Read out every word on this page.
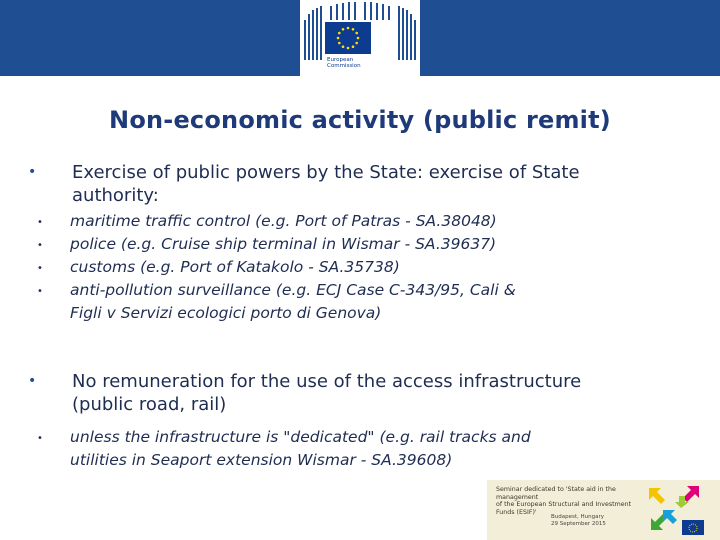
European
Commission
Non-economic activity (public remit)
• Exercise of public powers by the State: exercise of State
authority:
• maritime traffic control (e.g. Port of Patras - SA.38048)
• police (e.g. Cruise ship terminal in Wismar - SA.39637)
• customs (e.g. Port of Katakolo - SA.35738)
• anti-pollution surveillance (e.g. ECJ Case C-343/95, Cali &
Figli v Servizi ecologici porto di Genova)
• No remuneration for the use of the access infrastructure
(public road, rail)
• unless the infrastructure is "dedicated" (e.g. rail tracks and
utilities in Seaport extension Wismar - SA.39608)
Seminar dedicated to 'State aid in the management
of the European Structural and Investment Funds (ESIF)'
Budapest, Hungary
29 September 2015
